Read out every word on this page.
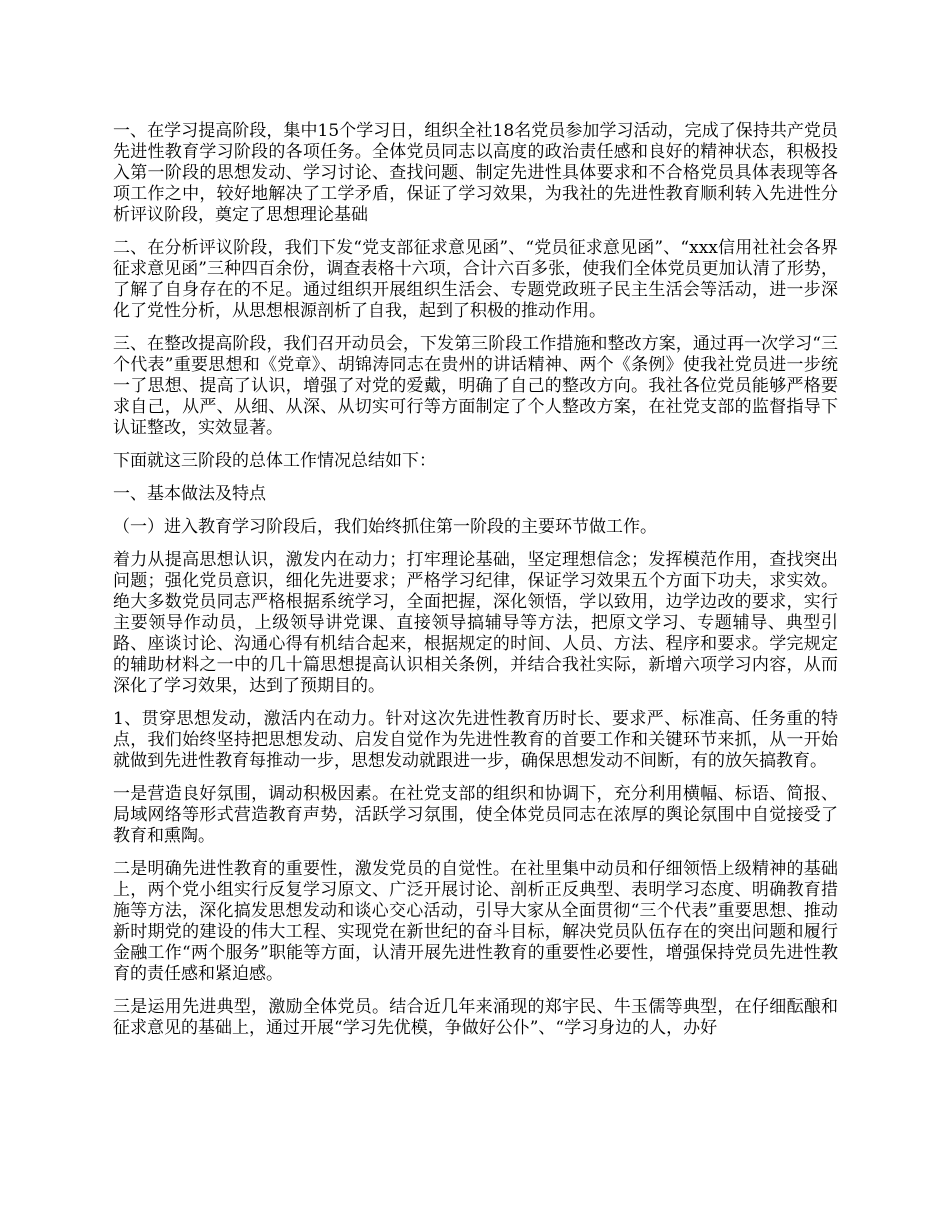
一、在学习提高阶段，集中15个学习日，组织全社18名党员参加学习活动，完成了保持共产党员先进性教育学习阶段的各项任务。全体党员同志以高度的政治责任感和良好的精神状态，积极投入第一阶段的思想发动、学习讨论、查找问题、制定先进性具体要求和不合格党员具体表现等各项工作之中，较好地解决了工学矛盾，保证了学习效果，为我社的先进性教育顺利转入先进性分析评议阶段，奠定了思想理论基础

二、在分析评议阶段，我们下发“党支部征求意见函”、“党员征求意见函”、“xxx信用社社会各界征求意见函”三种四百余份，调查表格十六项，合计六百多张，使我们全体党员更加认清了形势，了解了自身存在的不足。通过组织开展组织生活会、专题党政班子民主生活会等活动，进一步深化了党性分析，从思想根源剖析了自我，起到了积极的推动作用。

三、在整改提高阶段，我们召开动员会，下发第三阶段工作措施和整改方案，通过再一次学习“三个代表”重要思想和《党章》、胡锦涛同志在贵州的讲话精神、两个《条例》使我社党员进一步统一了思想、提高了认识，增强了对党的爱戴，明确了自己的整改方向。我社各位党员能够严格要求自己，从严、从细、从深、从切实可行等方面制定了个人整改方案，在社党支部的监督指导下认证整改，实效显著。

下面就这三阶段的总体工作情况总结如下：

一、基本做法及特点

（一）进入教育学习阶段后，我们始终抓住第一阶段的主要环节做工作。

着力从提高思想认识，激发内在动力；打牢理论基础，坚定理想信念；发挥模范作用，查找突出问题；强化党员意识，细化先进要求；严格学习纪律，保证学习效果五个方面下功夫，求实效。绝大多数党员同志严格根据系统学习，全面把握，深化领悟，学以致用，边学边改的要求，实行主要领导作动员，上级领导讲党课、直接领导搞辅导等方法，把原文学习、专题辅导、典型引路、座谈讨论、沟通心得有机结合起来，根据规定的时间、人员、方法、程序和要求。学完规定的辅助材料之一中的几十篇思想提高认识相关条例，并结合我社实际，新增六项学习内容，从而深化了学习效果，达到了预期目的。

1、贯穿思想发动，激活内在动力。针对这次先进性教育历时长、要求严、标准高、任务重的特点，我们始终坚持把思想发动、启发自觉作为先进性教育的首要工作和关键环节来抓，从一开始就做到先进性教育每推动一步，思想发动就跟进一步，确保思想发动不间断，有的放矢搞教育。

一是营造良好氛围，调动积极因素。在社党支部的组织和协调下，充分利用横幅、标语、简报、局域网络等形式营造教育声势，活跃学习氛围，使全体党员同志在浓厚的舆论氛围中自觉接受了教育和熏陶。

二是明确先进性教育的重要性，激发党员的自觉性。在社里集中动员和仔细领悟上级精神的基础上，两个党小组实行反复学习原文、广泛开展讨论、剖析正反典型、表明学习态度、明确教育措施等方法，深化搞发思想发动和谈心交心活动，引导大家从全面贯彻“三个代表”重要思想、推动新时期党的建设的伟大工程、实现党在新世纪的奋斗目标，解决党员队伍存在的突出问题和履行金融工作“两个服务”职能等方面，认清开展先进性教育的重要性必要性，增强保持党员先进性教育的责任感和紧迫感。

三是运用先进典型，激励全体党员。结合近几年来涌现的郑宇民、牛玉儒等典型，在仔细酝酿和征求意见的基础上，通过开展“学习先优模，争做好公仆”、“学习身边的人，办好
